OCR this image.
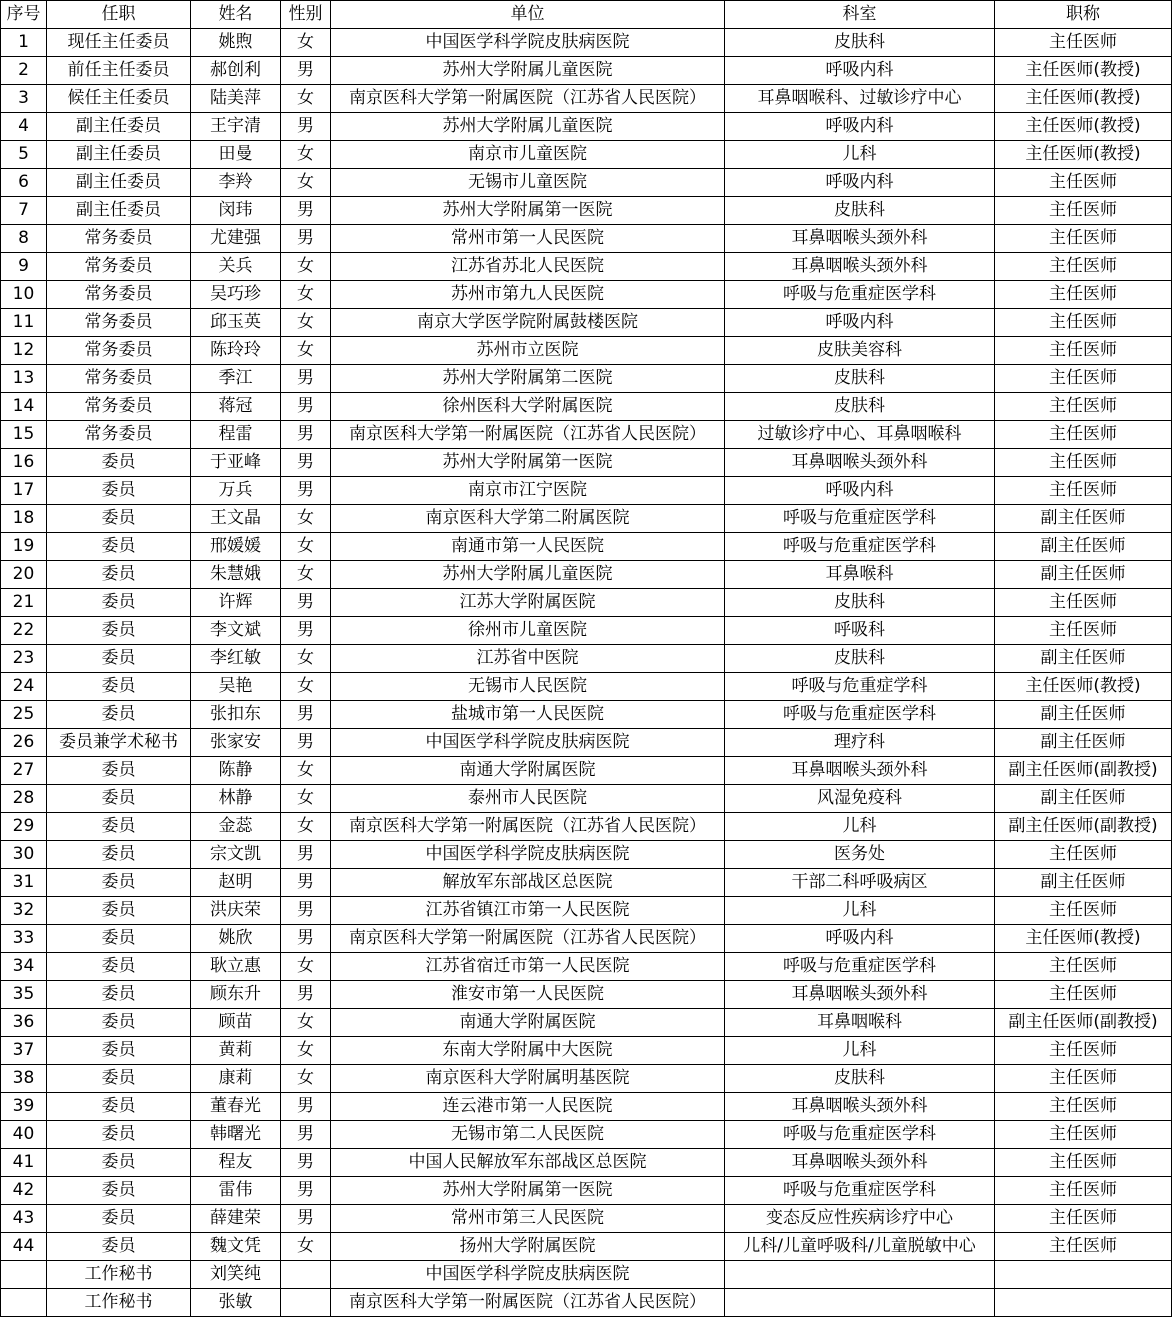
序号	任职	姓名	性别	单位	科室	职称
1	现任主任委员	姚煦	女	中国医学科学院皮肤病医院	皮肤科	主任医师
2	前任主任委员	郝创利	男	苏州大学附属儿童医院	呼吸内科	主任医师(教授)
3	候任主任委员	陆美萍	女	南京医科大学第一附属医院（江苏省人民医院）	耳鼻咽喉科、过敏诊疗中心	主任医师(教授)
4	副主任委员	王宇清	男	苏州大学附属儿童医院	呼吸内科	主任医师(教授)
5	副主任委员	田曼	女	南京市儿童医院	儿科	主任医师(教授)
6	副主任委员	李羚	女	无锡市儿童医院	呼吸内科	主任医师
7	副主任委员	闵玮	男	苏州大学附属第一医院	皮肤科	主任医师
8	常务委员	尤建强	男	常州市第一人民医院	耳鼻咽喉头颈外科	主任医师
9	常务委员	关兵	女	江苏省苏北人民医院	耳鼻咽喉头颈外科	主任医师
10	常务委员	吴巧珍	女	苏州市第九人民医院	呼吸与危重症医学科	主任医师
11	常务委员	邱玉英	女	南京大学医学院附属鼓楼医院	呼吸内科	主任医师
12	常务委员	陈玲玲	女	苏州市立医院	皮肤美容科	主任医师
13	常务委员	季江	男	苏州大学附属第二医院	皮肤科	主任医师
14	常务委员	蒋冠	男	徐州医科大学附属医院	皮肤科	主任医师
15	常务委员	程雷	男	南京医科大学第一附属医院（江苏省人民医院）	过敏诊疗中心、耳鼻咽喉科	主任医师
16	委员	于亚峰	男	苏州大学附属第一医院	耳鼻咽喉头颈外科	主任医师
17	委员	万兵	男	南京市江宁医院	呼吸内科	主任医师
18	委员	王文晶	女	南京医科大学第二附属医院	呼吸与危重症医学科	副主任医师
19	委员	邢媛媛	女	南通市第一人民医院	呼吸与危重症医学科	副主任医师
20	委员	朱慧娥	女	苏州大学附属儿童医院	耳鼻喉科	副主任医师
21	委员	许辉	男	江苏大学附属医院	皮肤科	主任医师
22	委员	李文斌	男	徐州市儿童医院	呼吸科	主任医师
23	委员	李红敏	女	江苏省中医院	皮肤科	副主任医师
24	委员	吴艳	女	无锡市人民医院	呼吸与危重症学科	主任医师(教授)
25	委员	张扣东	男	盐城市第一人民医院	呼吸与危重症医学科	副主任医师
26	委员兼学术秘书	张家安	男	中国医学科学院皮肤病医院	理疗科	副主任医师
27	委员	陈静	女	南通大学附属医院	耳鼻咽喉头颈外科	副主任医师(副教授)
28	委员	林静	女	泰州市人民医院	风湿免疫科	副主任医师
29	委员	金蕊	女	南京医科大学第一附属医院（江苏省人民医院）	儿科	副主任医师(副教授)
30	委员	宗文凯	男	中国医学科学院皮肤病医院	医务处	主任医师
31	委员	赵明	男	解放军东部战区总医院	干部二科呼吸病区	副主任医师
32	委员	洪庆荣	男	江苏省镇江市第一人民医院	儿科	主任医师
33	委员	姚欣	男	南京医科大学第一附属医院（江苏省人民医院）	呼吸内科	主任医师(教授)
34	委员	耿立惠	女	江苏省宿迁市第一人民医院	呼吸与危重症医学科	主任医师
35	委员	顾东升	男	淮安市第一人民医院	耳鼻咽喉头颈外科	主任医师
36	委员	顾苗	女	南通大学附属医院	耳鼻咽喉科	副主任医师(副教授)
37	委员	黄莉	女	东南大学附属中大医院	儿科	主任医师
38	委员	康莉	女	南京医科大学附属明基医院	皮肤科	主任医师
39	委员	董春光	男	连云港市第一人民医院	耳鼻咽喉头颈外科	主任医师
40	委员	韩曙光	男	无锡市第二人民医院	呼吸与危重症医学科	主任医师
41	委员	程友	男	中国人民解放军东部战区总医院	耳鼻咽喉头颈外科	主任医师
42	委员	雷伟	男	苏州大学附属第一医院	呼吸与危重症医学科	主任医师
43	委员	薛建荣	男	常州市第三人民医院	变态反应性疾病诊疗中心	主任医师
44	委员	魏文凭	女	扬州大学附属医院	儿科/儿童呼吸科/儿童脱敏中心	主任医师
	工作秘书	刘笑纯		中国医学科学院皮肤病医院		
	工作秘书	张敏		南京医科大学第一附属医院（江苏省人民医院）		
